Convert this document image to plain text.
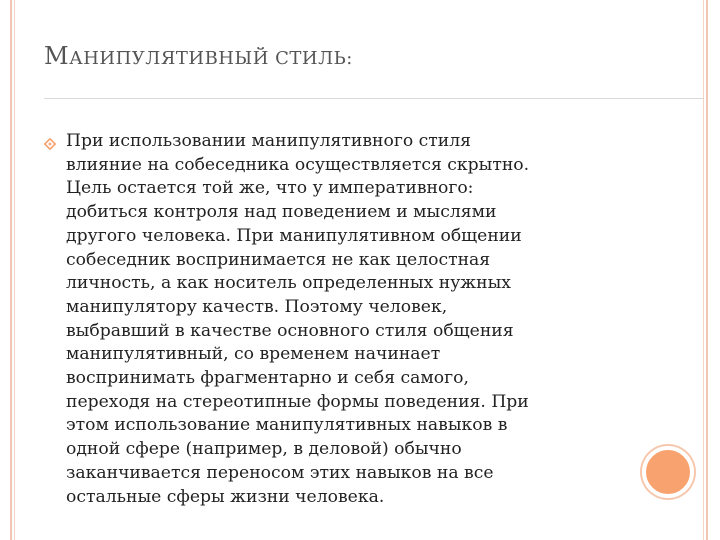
МАНИПУЛЯТИВНЫЙ СТИЛЬ:
При использовании манипулятивного стиля
влияние на собеседника осуществляется скрытно.
Цель остается той же, что у императивного:
добиться контроля над поведением и мыслями
другого человека. При манипулятивном общении
собеседник воспринимается не как целостная
личность, а как носитель определенных нужных
манипулятору качеств. Поэтому человек,
выбравший в качестве основного стиля общения
манипулятивный, со временем начинает
воспринимать фрагментарно и себя самого,
переходя на стереотипные формы поведения. При
этом использование манипулятивных навыков в
одной сфере (например, в деловой) обычно
заканчивается переносом этих навыков на все
остальные сферы жизни человека.
